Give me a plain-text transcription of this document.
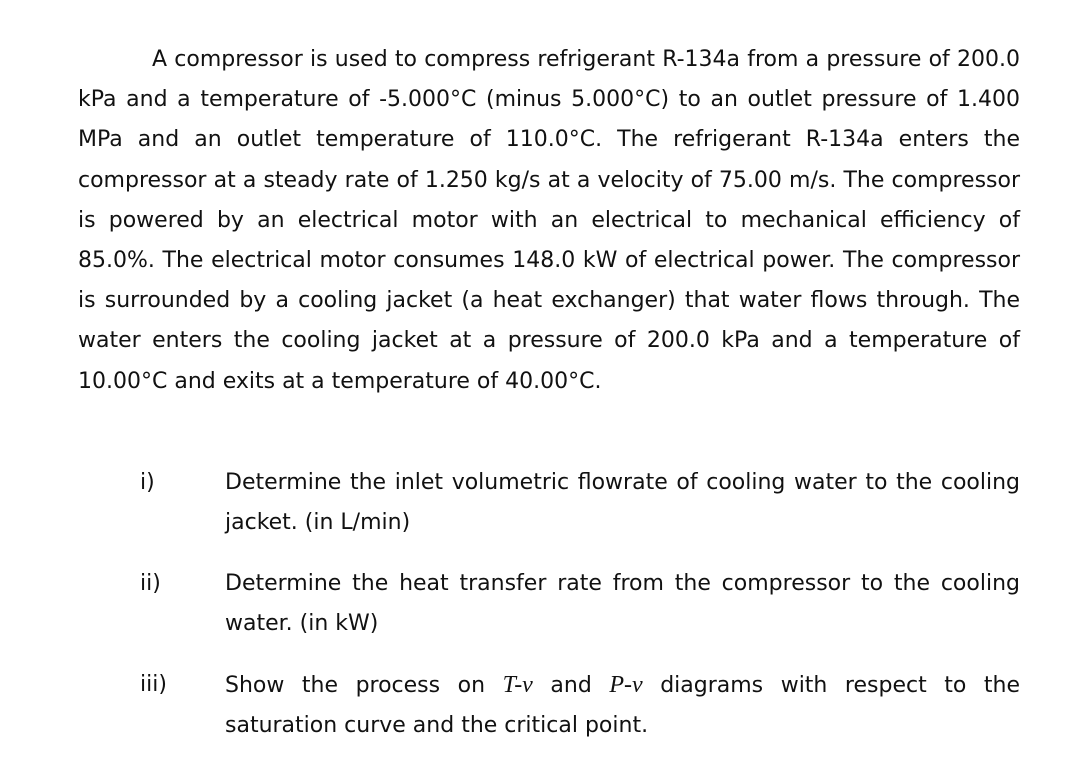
A compressor is used to compress refrigerant R-134a from a pressure of 200.0 kPa and a temperature of -5.000°C (minus 5.000°C) to an outlet pressure of 1.400 MPa and an outlet temperature of 110.0°C. The refrigerant R-134a enters the compressor at a steady rate of 1.250 kg/s at a velocity of 75.00 m/s. The compressor is powered by an electrical motor with an electrical to mechanical efficiency of 85.0%. The electrical motor consumes 148.0 kW of electrical power. The compressor is surrounded by a cooling jacket (a heat exchanger) that water flows through. The water enters the cooling jacket at a pressure of 200.0 kPa and a temperature of 10.00°C and exits at a temperature of 40.00°C.

i)	Determine the inlet volumetric flowrate of cooling water to the cooling jacket. (in L/min)

ii)	Determine the heat transfer rate from the compressor to the cooling water. (in kW)

iii)	Show the process on T-v and P-v diagrams with respect to the saturation curve and the critical point.
